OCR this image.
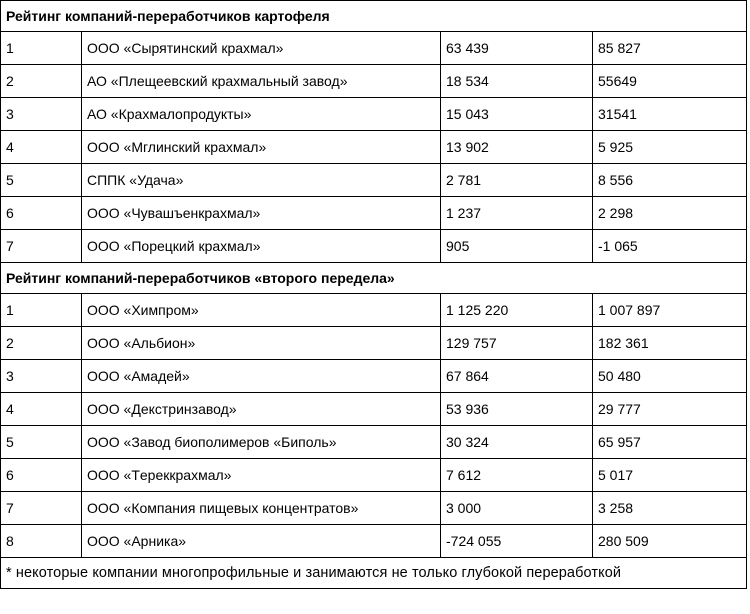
Рейтинг компаний-переработчиков картофеля			
1	ООО «Сырятинский крахмал»	63 439	85 827
2	АО «Плещеевский крахмальный завод»	18 534	55649
3	АО «Крахмалопродукты»	15 043	31541
4	ООО «Мглинский крахмал»	13 902	5 925
5	СППК «Удача»	2 781	8 556
6	ООО «Чувашъенкрахмал»	1 237	2 298
7	ООО «Порецкий крахмал»	905	-1 065
Рейтинг компаний-переработчиков «второго передела»			
1	ООО «Химпром»	1 125 220	1 007 897
2	ООО «Альбион»	129 757	182 361
3	ООО «Амадей»	67 864	50 480
4	ООО «Декстринзавод»	53 936	29 777
5	ООО «Завод биополимеров «Биполь»	30 324	65 957
6	ООО «Tеpеккрахмал»	7 612	5 017
7	ООО «Компания пищевых концентратов»	3 000	3 258
8	ООО «Арника»	-724 055	280 509
* некоторые компании многопрофильные и занимаются не только глубокой переработкой			
